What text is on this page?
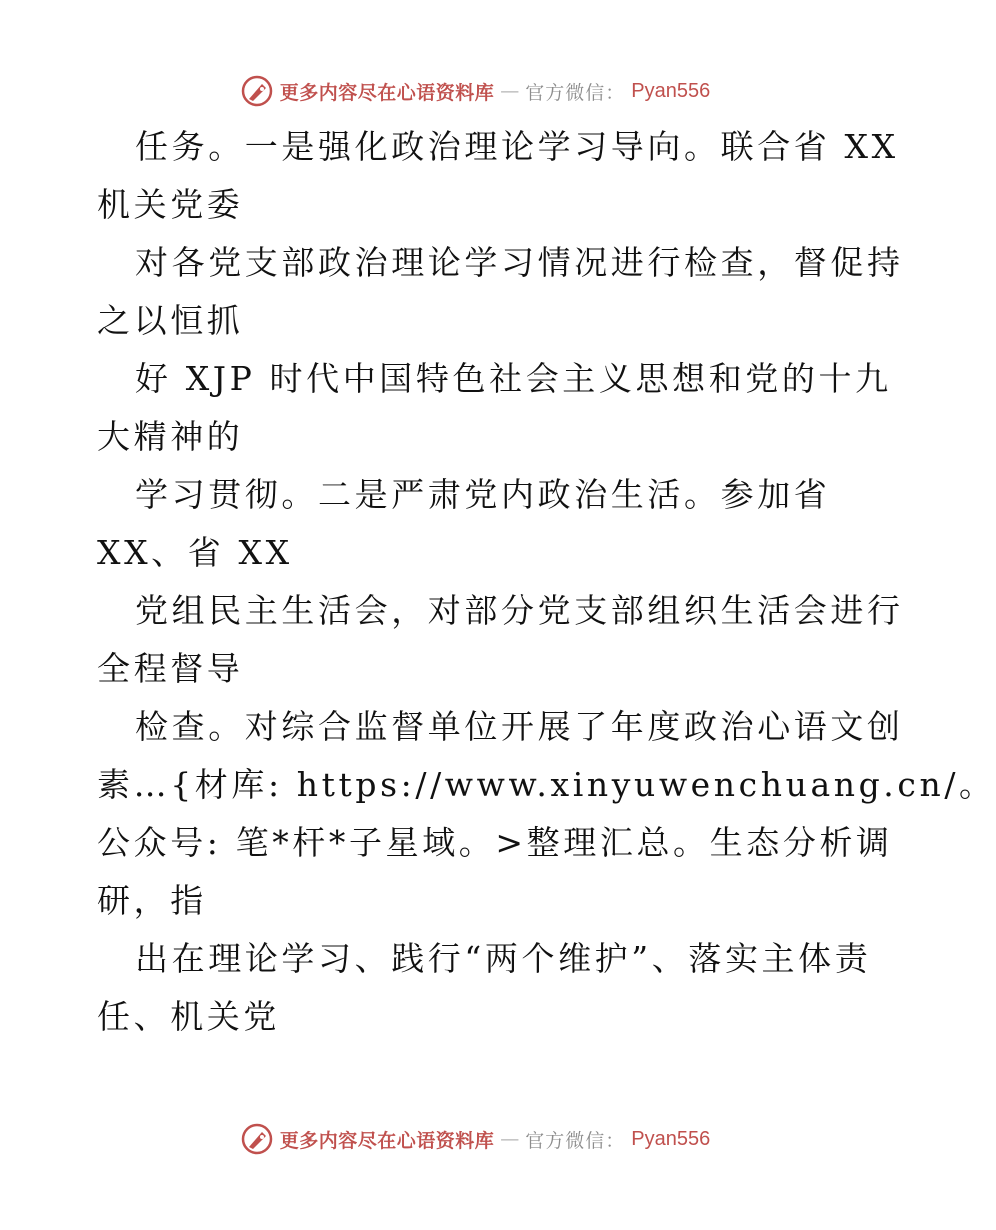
更多内容尽在心语资料库 — 官方微信： Pyan556
任务。一是强化政治理论学习导向。联合省 XX
机关党委
对各党支部政治理论学习情况进行检查，督促持
之以恒抓
好 XJP 时代中国特色社会主义思想和党的十九
大精神的
学习贯彻。二是严肃党内政治生活。参加省
XX、省 XX
党组民主生活会，对部分党支部组织生活会进行
全程督导
检查。对综合监督单位开展了年度政治心语文创
素…{材库: https://www.xinyuwenchuang.cn/。
公众号: 笔*杆*子星域。>整理汇总。生态分析调
研，指
出在理论学习、践行“两个维护”、落实主体责
任、机关党
更多内容尽在心语资料库 — 官方微信： Pyan556
